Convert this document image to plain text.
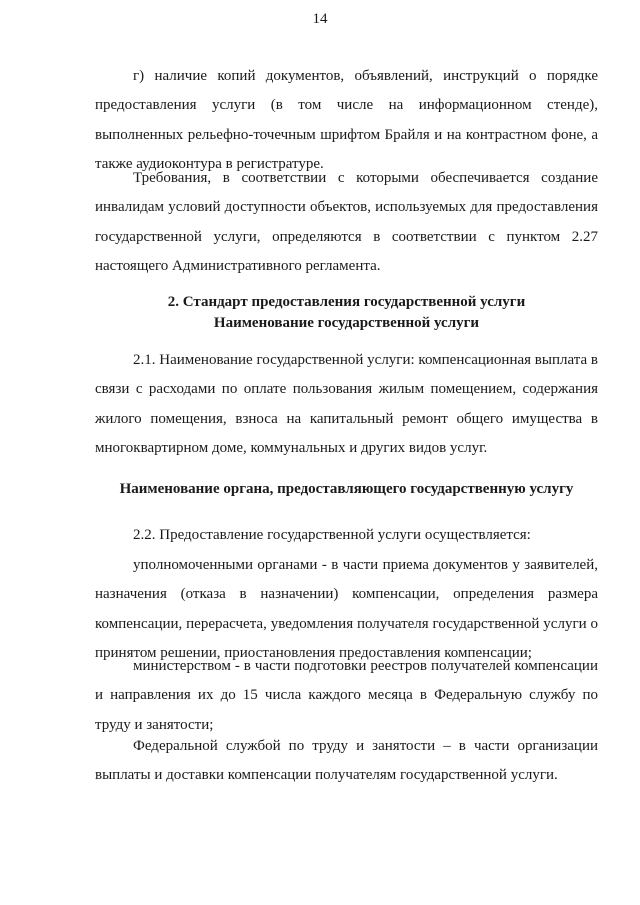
14

г) наличие копий документов, объявлений, инструкций о порядке предоставления услуги (в том числе на информационном стенде), выполненных рельефно-точечным шрифтом Брайля и на контрастном фоне, а также аудиоконтура в регистратуре.

Требования, в соответствии с которыми обеспечивается создание инвалидам условий доступности объектов, используемых для предоставления государственной услуги, определяются в соответствии с пунктом 2.27 настоящего Административного регламента.

2. Стандарт предоставления государственной услуги

Наименование государственной услуги

2.1. Наименование государственной услуги: компенсационная выплата в связи с расходами по оплате пользования жилым помещением, содержания жилого помещения, взноса на капитальный ремонт общего имущества в многоквартирном доме, коммунальных и других видов услуг.

Наименование органа, предоставляющего государственную услугу

2.2. Предоставление государственной услуги осуществляется:

уполномоченными органами - в части приема документов у заявителей, назначения (отказа в назначении) компенсации, определения размера компенсации, перерасчета, уведомления получателя государственной услуги о принятом решении, приостановления предоставления компенсации;

министерством - в части подготовки реестров получателей компенсации и направления их до 15 числа каждого месяца в Федеральную службу по труду и занятости;

Федеральной службой по труду и занятости – в части организации выплаты и доставки компенсации получателям государственной услуги.
